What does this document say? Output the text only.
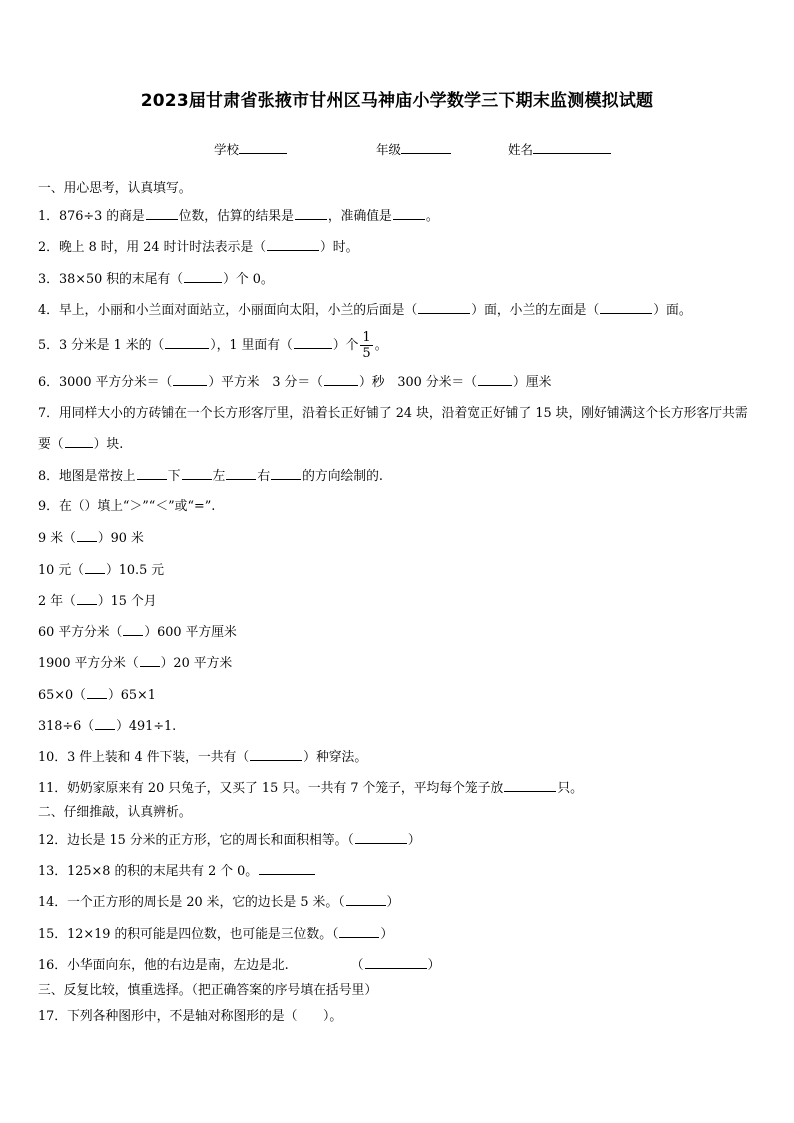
2023届甘肃省张掖市甘州区马神庙小学数学三下期末监测模拟试题
学校	年级	姓名
一、用心思考，认真填写。
1．876÷3 的商是	位数，估算的结果是	，准确值是	。
2．晚上 8 时，用 24 时计时法表示是（	）时。
3．38×50 积的末尾有（	）个 0。
4．早上，小丽和小兰面对面站立，小丽面向太阳，小兰的后面是（	）面，小兰的左面是（	）面。
5．3 分米是 1 米的（	），1 里面有（	）个 $\frac{1}{5}$ 。
6．3000 平方分米＝（	）平方米　3 分＝（	）秒　300 分米＝（	）厘米
7．用同样大小的方砖铺在一个长方形客厅里，沿着长正好铺了 24 块，沿着宽正好铺了 15 块，刚好铺满这个长方形客厅共需要（ ）块.
8．地图是常按上	下	左	右	的方向绘制的.
9．在（）填上“＞”“＜”或“=”.
9 米（ ）90 米
10 元（ ）10.5 元
2 年（ ）15 个月
60 平方分米（ ）600 平方厘米
1900 平方分米（ ）20 平方米
65×0（ ）65×1
318÷6（ ）491÷1.
10．3 件上装和 4 件下装，一共有（	）种穿法。
11．奶奶家原来有 20 只兔子，又买了 15 只。一共有 7 个笼子，平均每个笼子放	只。
二、仔细推敲，认真辨析。
12．边长是 15 分米的正方形，它的周长和面积相等。（	）
13．125×8 的积的末尾共有 2 个 0。
14．一个正方形的周长是 20 米，它的边长是 5 米。（	）
15．12×19 的积可能是四位数，也可能是三位数。（	）
16．小华面向东，他的右边是南，左边是北.	（	）
三、反复比较，慎重选择。（把正确答案的序号填在括号里）
17．下列各种图形中，不是轴对称图形的是（　　）。
